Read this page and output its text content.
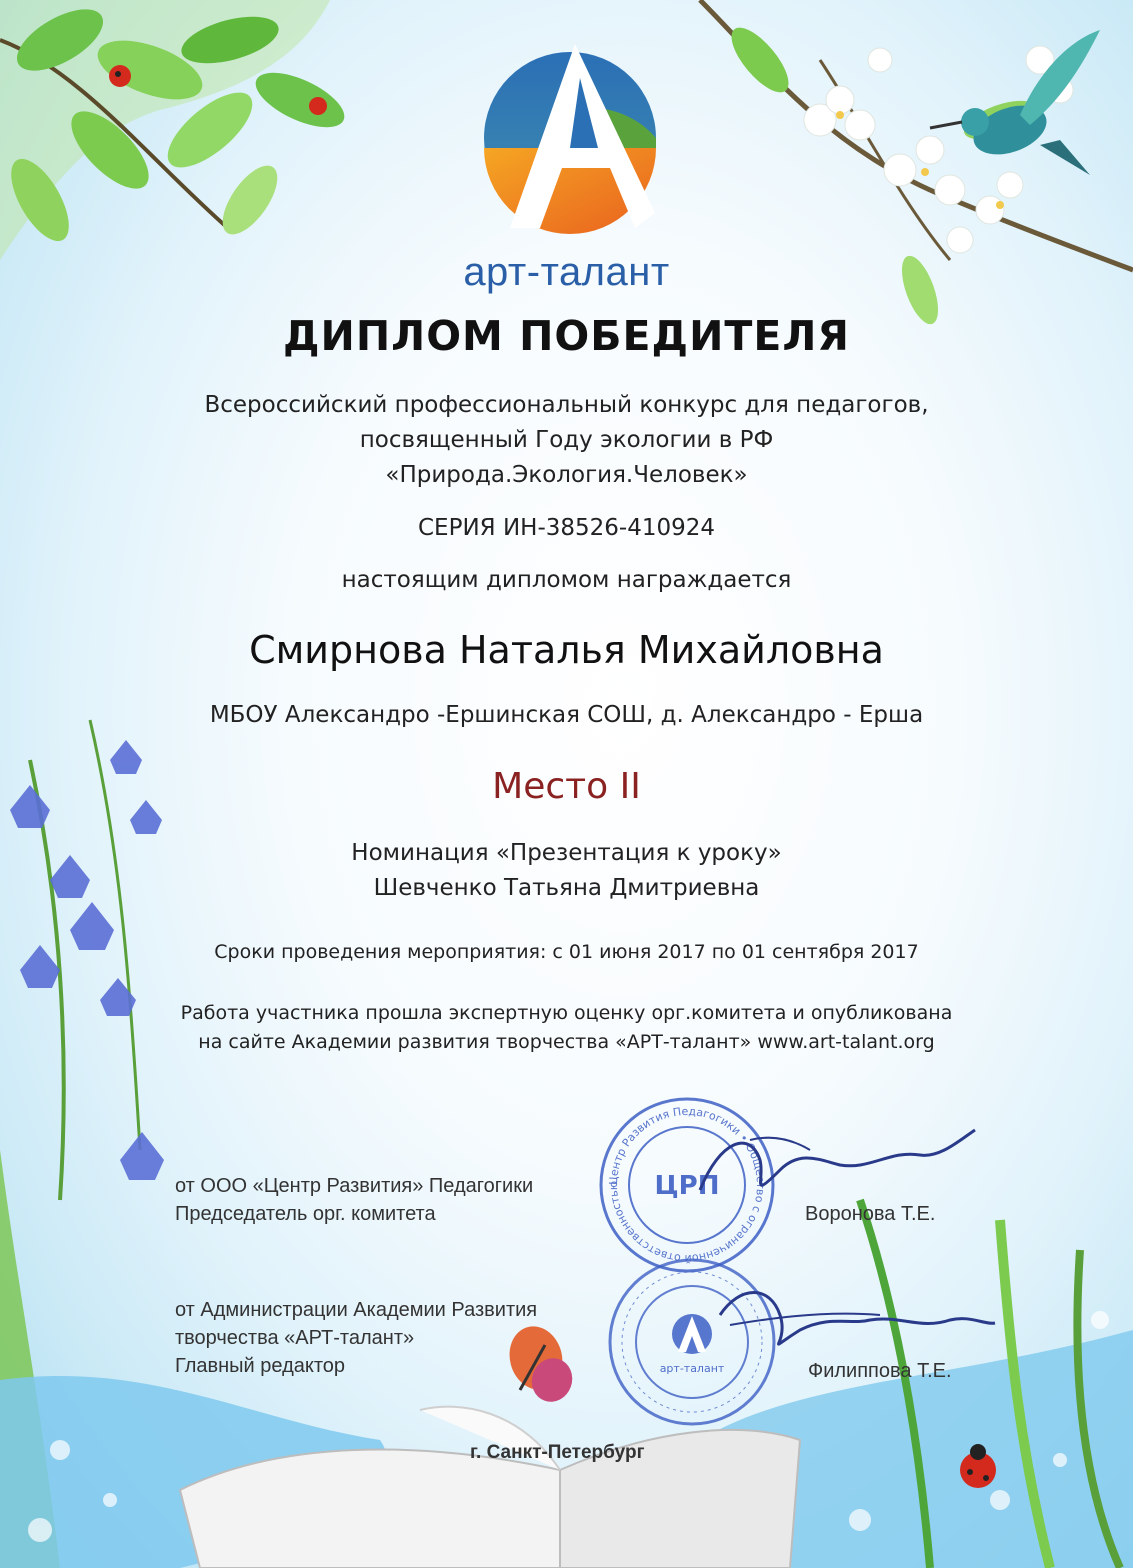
арт-талант
ДИПЛОМ ПОБЕДИТЕЛЯ
Всероссийский профессиональный конкурс для педагогов,
посвященный Году экологии в РФ
«Природа.Экология.Человек»
СЕРИЯ ИН-38526-410924
настоящим дипломом награждается
Смирнова Наталья Михайловна
МБОУ Александро -Ершинская СОШ, д. Александро - Ерша
Место II
Номинация «Презентация к уроку»
Шевченко Татьяна Дмитриевна
Сроки проведения мероприятия: с 01 июня 2017 по 01 сентября 2017
Работа участника прошла экспертную оценку орг.комитета и опубликована
на сайте Академии развития творчества «АРТ-талант» www.art-talant.org
Центр Развития Педагогики • Общество с ограниченной ответственностью	ЦРП
арт-талант
от ООО «Центр Развития» Педагогики
Председатель орг. комитета	Воронова Т.Е.
от Администрации Академии Развития
творчества «АРТ-талант»
Главный редактор	Филиппова Т.Е.
г. Санкт-Петербург
